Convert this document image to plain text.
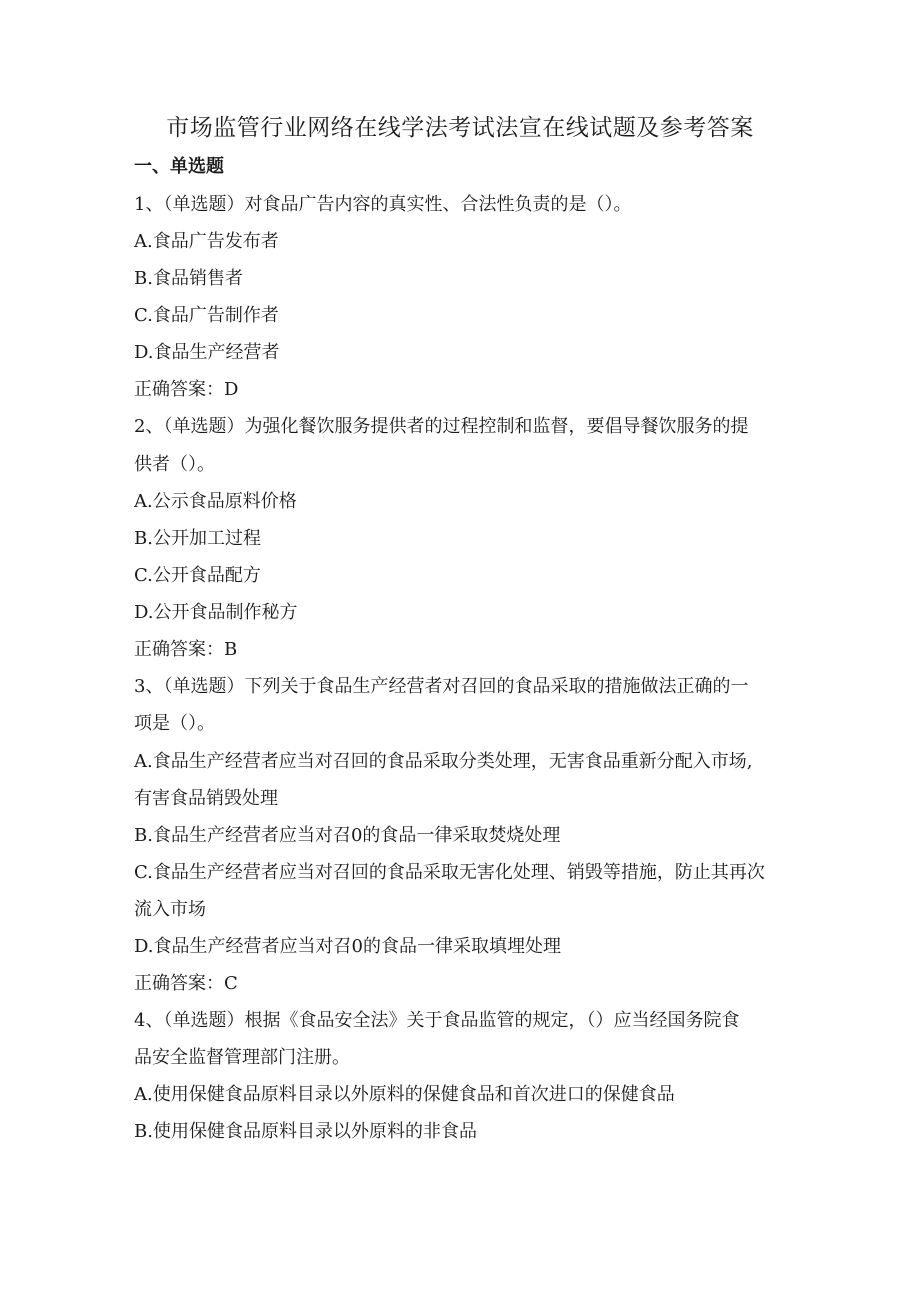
市场监管行业网络在线学法考试法宣在线试题及参考答案
一、单选题
1、（单选题）对食品广告内容的真实性、合法性负责的是（）。
A.食品广告发布者
B.食品销售者
C.食品广告制作者
D.食品生产经营者
正确答案：D
2、（单选题）为强化餐饮服务提供者的过程控制和监督，要倡导餐饮服务的提
供者（）。
A.公示食品原料价格
B.公开加工过程
C.公开食品配方
D.公开食品制作秘方
正确答案：B
3、（单选题）下列关于食品生产经营者对召回的食品采取的措施做法正确的一
项是（）。
A.食品生产经营者应当对召回的食品采取分类处理，无害食品重新分配入市场,
有害食品销毁处理
B.食品生产经营者应当对召0的食品一律采取焚烧处理
C.食品生产经营者应当对召回的食品采取无害化处理、销毁等措施，防止其再次
流入市场
D.食品生产经营者应当对召0的食品一律采取填埋处理
正确答案：C
4、（单选题）根据《食品安全法》关于食品监管的规定，（）应当经国务院食
品安全监督管理部门注册。
A.使用保健食品原料目录以外原料的保健食品和首次进口的保健食品
B.使用保健食品原料目录以外原料的非食品
